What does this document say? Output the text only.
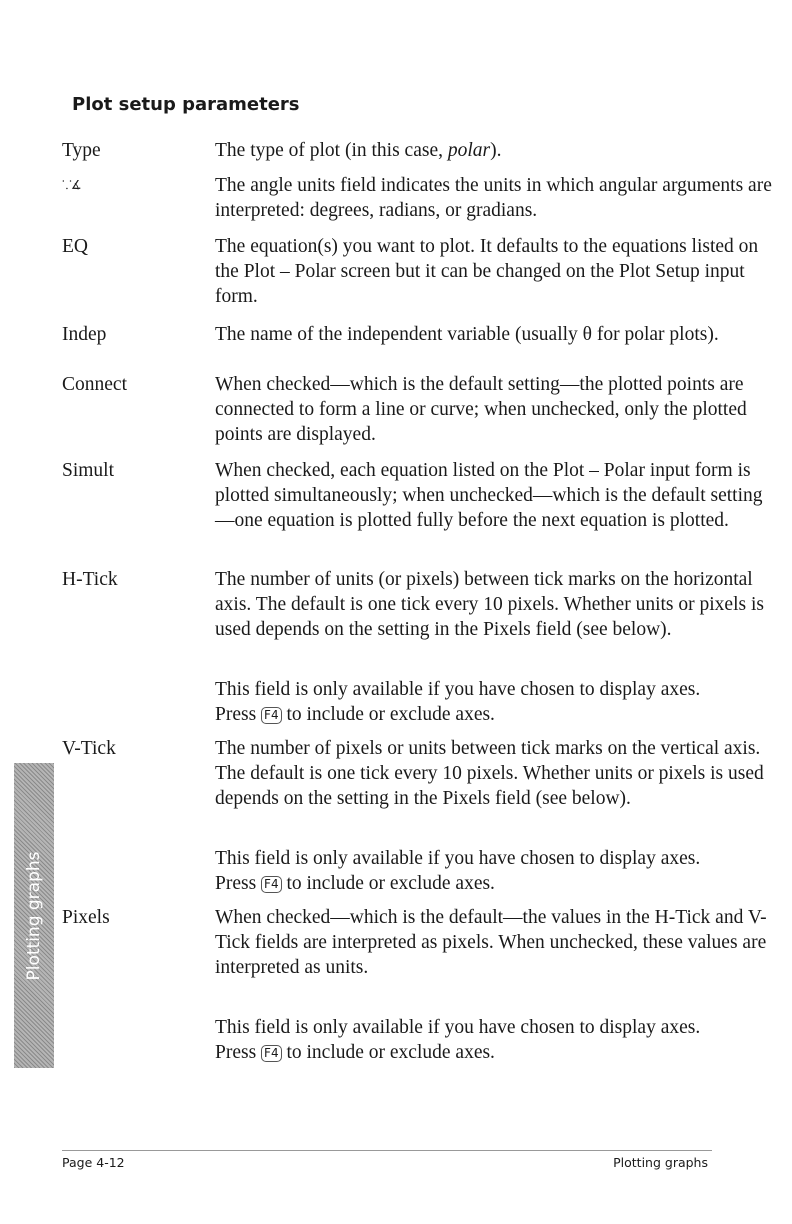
Plot setup parameters
Type	The type of plot (in this case, polar).
⸪∡	The angle units field indicates the units in which angular arguments are interpreted: degrees, radians, or gradians.
EQ	The equation(s) you want to plot. It defaults to the equations listed on the Plot – Polar screen but it can be changed on the Plot Setup input form.
Indep	The name of the independent variable (usually θ for polar plots).
Connect	When checked—which is the default setting—the plotted points are connected to form a line or curve; when unchecked, only the plotted points are displayed.
Simult	When checked, each equation listed on the Plot – Polar input form is plotted simultaneously; when unchecked—which is the default setting—one equation is plotted fully before the next equation is plotted.
H-Tick	The number of units (or pixels) between tick marks on the horizontal axis. The default is one tick every 10 pixels. Whether units or pixels is used depends on the setting in the Pixels field (see below).
This field is only available if you have chosen to display axes. Press F4 to include or exclude axes.
V-Tick	The number of pixels or units between tick marks on the vertical axis. The default is one tick every 10 pixels. Whether units or pixels is used depends on the setting in the Pixels field (see below).
This field is only available if you have chosen to display axes. Press F4 to include or exclude axes.
Pixels	When checked—which is the default—the values in the H-Tick and V-Tick fields are interpreted as pixels. When unchecked, these values are interpreted as units.
This field is only available if you have chosen to display axes. Press F4 to include or exclude axes.
Plotting graphs
Page 4-12	Plotting graphs
